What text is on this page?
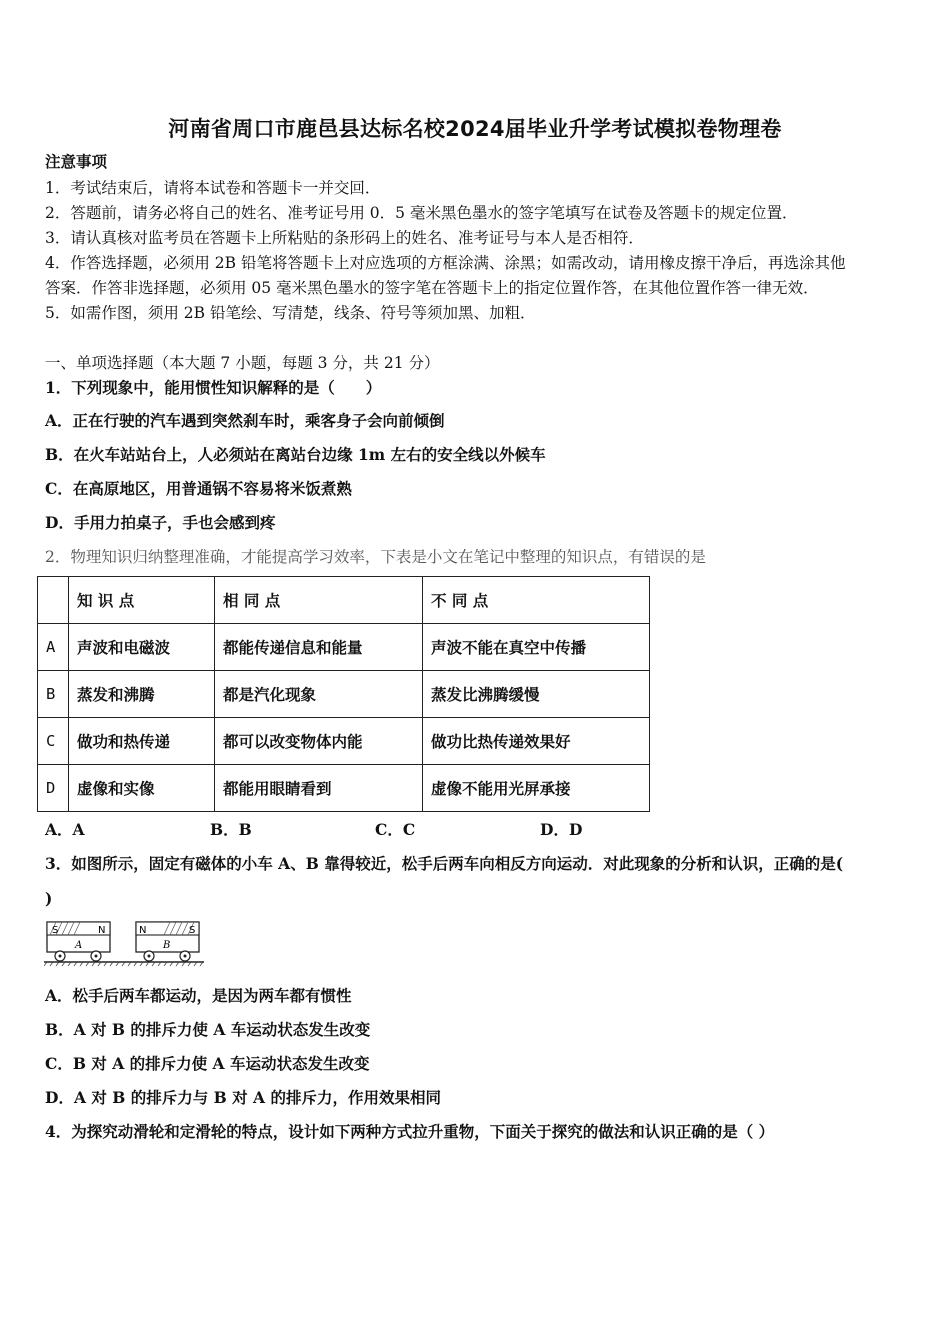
河南省周口市鹿邑县达标名校2024届毕业升学考试模拟卷物理卷
注意事项
1．考试结束后，请将本试卷和答题卡一并交回．
2．答题前，请务必将自己的姓名、准考证号用 0．5 毫米黑色墨水的签字笔填写在试卷及答题卡的规定位置．
3．请认真核对监考员在答题卡上所粘贴的条形码上的姓名、准考证号与本人是否相符．
4．作答选择题，必须用 2B 铅笔将答题卡上对应选项的方框涂满、涂黑；如需改动，请用橡皮擦干净后，再选涂其他
答案．作答非选择题，必须用 05 毫米黑色墨水的签字笔在答题卡上的指定位置作答，在其他位置作答一律无效．
5．如需作图，须用 2B 铅笔绘、写清楚，线条、符号等须加黑、加粗．
一、单项选择题（本大题 7 小题，每题 3 分，共 21 分）
1．下列现象中，能用惯性知识解释的是（　　）
A．正在行驶的汽车遇到突然刹车时，乘客身子会向前倾倒
B．在火车站站台上，人必须站在离站台边缘 1m 左右的安全线以外候车
C．在高原地区，用普通锅不容易将米饭煮熟
D．手用力拍桌子，手也会感到疼
2．物理知识归纳整理准确，才能提高学习效率，下表是小文在笔记中整理的知识点，有错误的是
	知 识 点	相 同 点	不 同 点
A	声波和电磁波	都能传递信息和能量	声波不能在真空中传播
B	蒸发和沸腾	都是汽化现象	蒸发比沸腾缓慢
C	做功和热传递	都可以改变物体内能	做功比热传递效果好
D	虚像和实像	都能用眼睛看到	虚像不能用光屏承接
A．A	B．B	C．C	D．D
3．如图所示，固定有磁体的小车 A、B 靠得较近，松手后两车向相反方向运动．对此现象的分析和认识，正确的是(
)
S	N
A
N	S
B
A．松手后两车都运动，是因为两车都有惯性
B．A 对 B 的排斥力使 A 车运动状态发生改变
C．B 对 A 的排斥力使 A 车运动状态发生改变
D．A 对 B 的排斥力与 B 对 A 的排斥力，作用效果相同
4．为探究动滑轮和定滑轮的特点，设计如下两种方式拉升重物，下面关于探究的做法和认识正确的是（ ）
